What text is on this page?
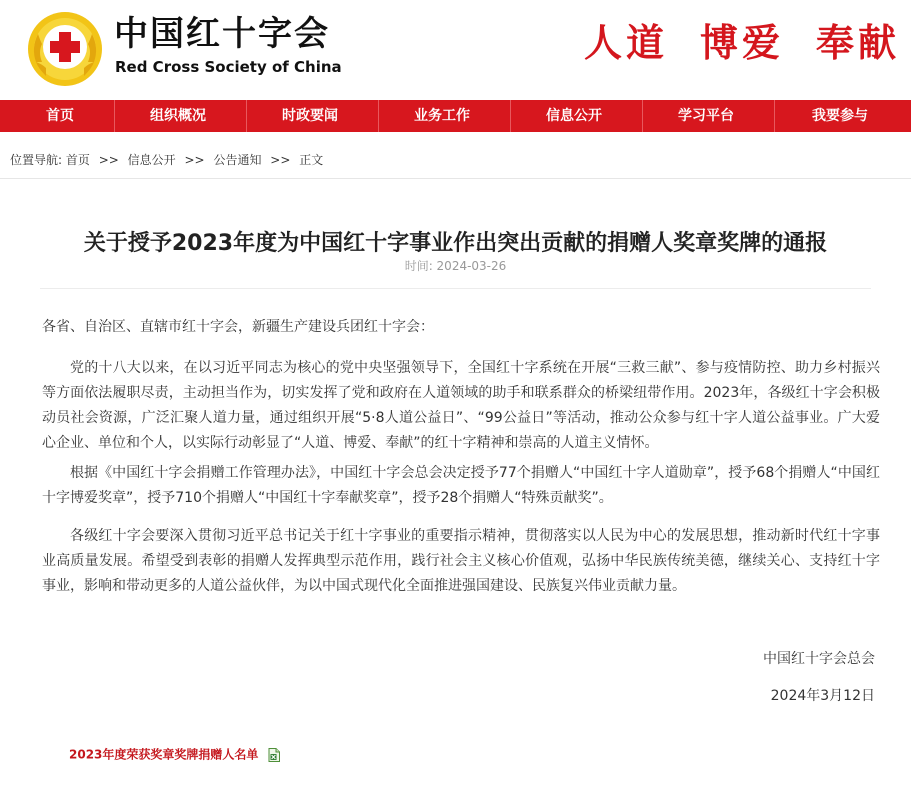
中国红十字会
Red Cross Society of China
人道 博爱 奉献
首页	组织概况	时政要闻	业务工作	信息公开	学习平台	我要参与
位置导航: 首页 >> 信息公开 >> 公告通知 >> 正文
关于授予2023年度为中国红十字事业作出突出贡献的捐赠人奖章奖牌的通报
时间: 2024-03-26
各省、自治区、直辖市红十字会，新疆生产建设兵团红十字会：

党的十八大以来，在以习近平同志为核心的党中央坚强领导下，全国红十字系统在开展“三救三献”、参与疫情防控、助力乡村振兴等方面依法履职尽责，主动担当作为，切实发挥了党和政府在人道领域的助手和联系群众的桥梁纽带作用。2023年，各级红十字会积极动员社会资源，广泛汇聚人道力量，通过组织开展“5·8人道公益日”、“99公益日”等活动，推动公众参与红十字人道公益事业。广大爱心企业、单位和个人，以实际行动彰显了“人道、博爱、奉献”的红十字精神和崇高的人道主义情怀。

根据《中国红十字会捐赠工作管理办法》，中国红十字会总会决定授予77个捐赠人“中国红十字人道勋章”，授予68个捐赠人“中国红十字博爱奖章”，授予710个捐赠人“中国红十字奉献奖章”，授予28个捐赠人“特殊贡献奖”。

各级红十字会要深入贯彻习近平总书记关于红十字事业的重要指示精神，贯彻落实以人民为中心的发展思想，推动新时代红十字事业高质量发展。希望受到表彰的捐赠人发挥典型示范作用，践行社会主义核心价值观，弘扬中华民族传统美德，继续关心、支持红十字事业，影响和带动更多的人道公益伙伴，为以中国式现代化全面推进强国建设、民族复兴伟业贡献力量。

中国红十字会总会
2024年3月12日
2023年度荣获奖章奖牌捐赠人名单
